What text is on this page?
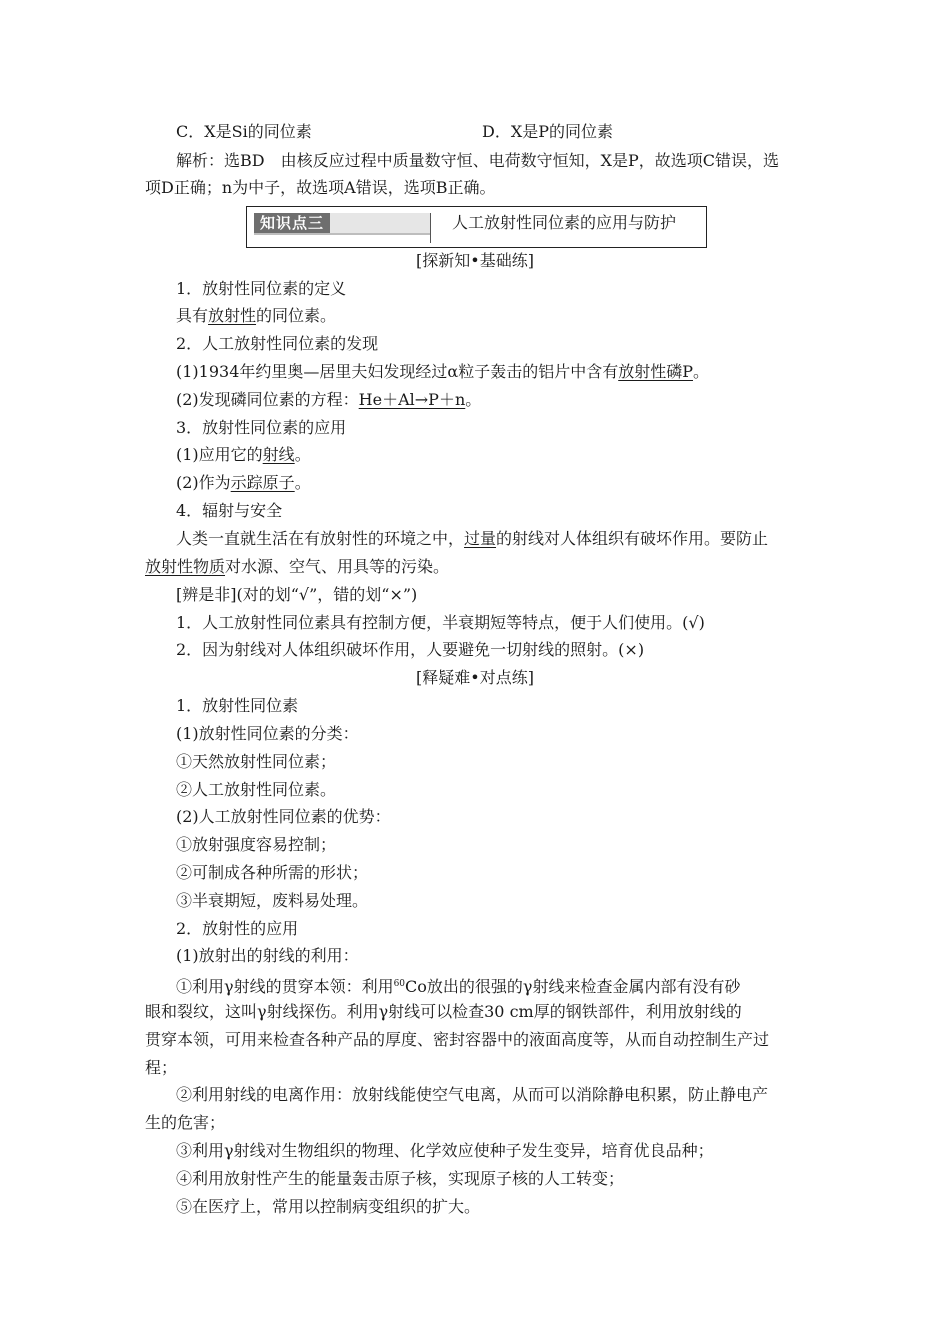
C．X是Si的同位素	D．X是P的同位素
解析：选BD　由核反应过程中质量数守恒、电荷数守恒知，X是P，故选项C错误，选
项D正确；n为中子，故选项A错误，选项B正确。
知识点三	人工放射性同位素的应用与防护
[探新知•基础练]
1．放射性同位素的定义
具有放射性的同位素。
2．人工放射性同位素的发现
(1)1934年约里奥—居里夫妇发现经过α粒子轰击的铝片中含有放射性磷P。
(2)发现磷同位素的方程：He＋Al→P＋n。
3．放射性同位素的应用
(1)应用它的射线。
(2)作为示踪原子。
4．辐射与安全
人类一直就生活在有放射性的环境之中，过量的射线对人体组织有破坏作用。要防止
放射性物质对水源、空气、用具等的污染。
[辨是非](对的划“√”，错的划“×”)
1．人工放射性同位素具有控制方便，半衰期短等特点，便于人们使用。(√)
2．因为射线对人体组织破坏作用，人要避免一切射线的照射。(×)
[释疑难•对点练]
1．放射性同位素
(1)放射性同位素的分类：
①天然放射性同位素；
②人工放射性同位素。
(2)人工放射性同位素的优势：
①放射强度容易控制；
②可制成各种所需的形状；
③半衰期短，废料易处理。
2．放射性的应用
(1)放射出的射线的利用：
①利用γ射线的贯穿本领：利用$^{60}$Co放出的很强的γ射线来检查金属内部有没有砂
眼和裂纹，这叫γ射线探伤。利用γ射线可以检查30 cm厚的钢铁部件，利用放射线的
贯穿本领，可用来检查各种产品的厚度、密封容器中的液面高度等，从而自动控制生产过
程；
②利用射线的电离作用：放射线能使空气电离，从而可以消除静电积累，防止静电产
生的危害；
③利用γ射线对生物组织的物理、化学效应使种子发生变异，培育优良品种；
④利用放射性产生的能量轰击原子核，实现原子核的人工转变；
⑤在医疗上，常用以控制病变组织的扩大。
